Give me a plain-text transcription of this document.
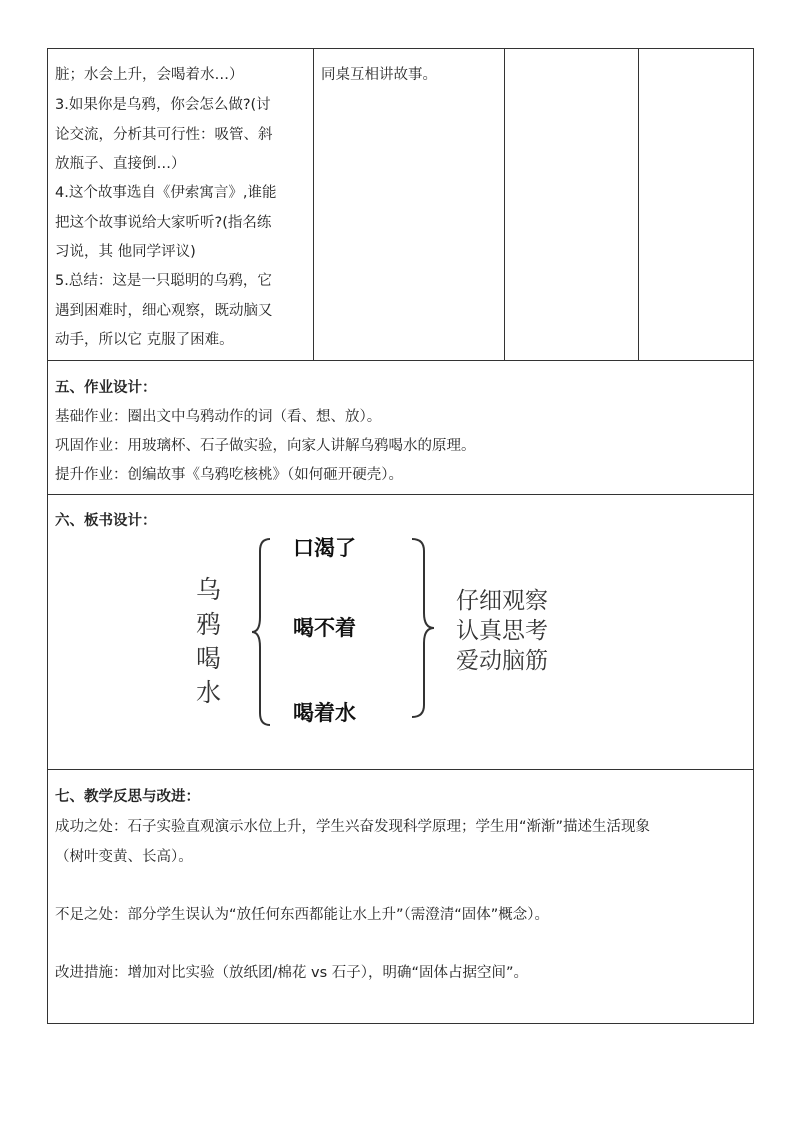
脏；水会上升，会喝着水…）
3.如果你是乌鸦，你会怎么做?(讨
论交流，分析其可行性：吸管、斜
放瓶子、直接倒…）
4.这个故事选自《伊索寓言》,谁能
把这个故事说给大家听听?(指名练
习说，其 他同学评议)
5.总结：这是一只聪明的乌鸦，它
遇到困难时，细心观察，既动脑又
动手，所以它 克服了困难。
同桌互相讲故事。
五、作业设计：
基础作业：圈出文中乌鸦动作的词（看、想、放）。
巩固作业：用玻璃杯、石子做实验，向家人讲解乌鸦喝水的原理。
提升作业：创编故事《乌鸦吃核桃》（如何砸开硬壳）。
六、板书设计：
乌
鸦
喝
水
口渴了
喝不着
喝着水
仔细观察
认真思考
爱动脑筋
七、教学反思与改进：
成功之处：石子实验直观演示水位上升，学生兴奋发现科学原理；学生用“渐渐”描述生活现象
（树叶变黄、长高）。
不足之处：部分学生误认为“放任何东西都能让水上升”（需澄清“固体”概念）。
改进措施：增加对比实验（放纸团/棉花 vs 石子），明确“固体占据空间”。
